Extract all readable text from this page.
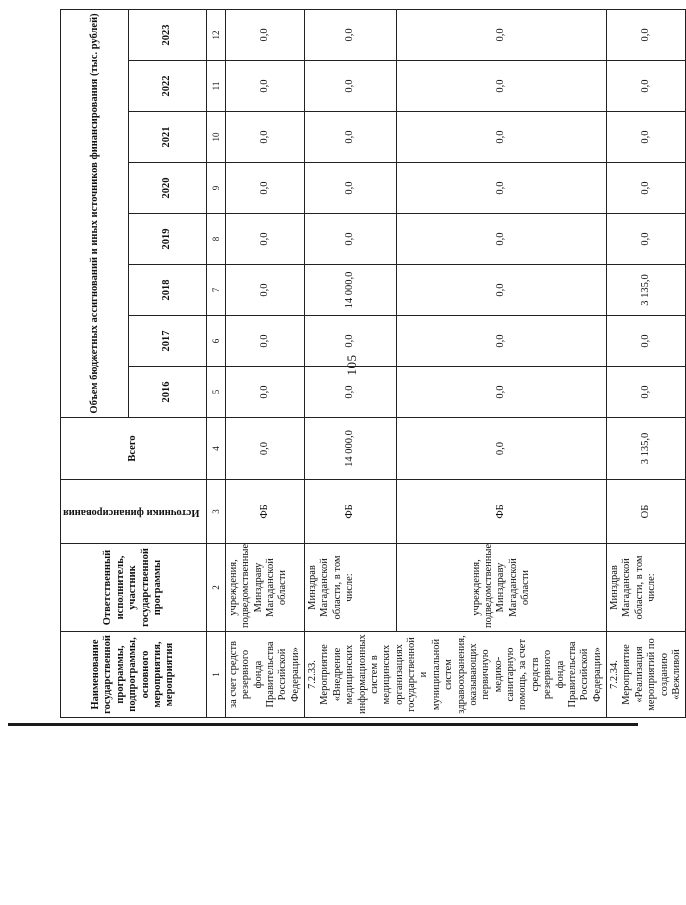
105
Наименование государственной программы, подпрограммы, основного мероприятия, мероприятия	Ответственный исполнитель, участник государственной программы	Источники финансирования	Всего	Объем бюджетных ассигнований и иных источников финансирования (тыс. рублей)							
				2016	2017	2018	2019	2020	2021	2022	2023
1	2	3	4	5	6	7	8	9	10	11	12
за счет средств резервного фонда Правительства Российской Федерации»	учреждения, подведомственные Минздраву Магаданской области	ФБ	0,0	0,0	0,0	0,0	0,0	0,0	0,0	0,0	0,0
7.2.33. Мероприятие «Внедрение медицинских информационных систем в медицинских организациях государственной и муниципальной систем здравоохранения, оказывающих первичную медико-санитарную помощь, за счет средств резервного фонда Правительства Российской Федерации»	Минздрав Магаданской области, в том числе:	ФБ	14 000,0	0,0	0,0	14 000,0	0,0	0,0	0,0	0,0	0,0
	учреждения, подведомственные Минздраву Магаданской области	ФБ	0,0	0,0	0,0	0,0	0,0	0,0	0,0	0,0	0,0
7.2.34. Мероприятие «Реализация мероприятий по созданию «Вежливой	Минздрав Магаданской области, в том числе:	ОБ	3 135,0	0,0	0,0	3 135,0	0,0	0,0	0,0	0,0	0,0
